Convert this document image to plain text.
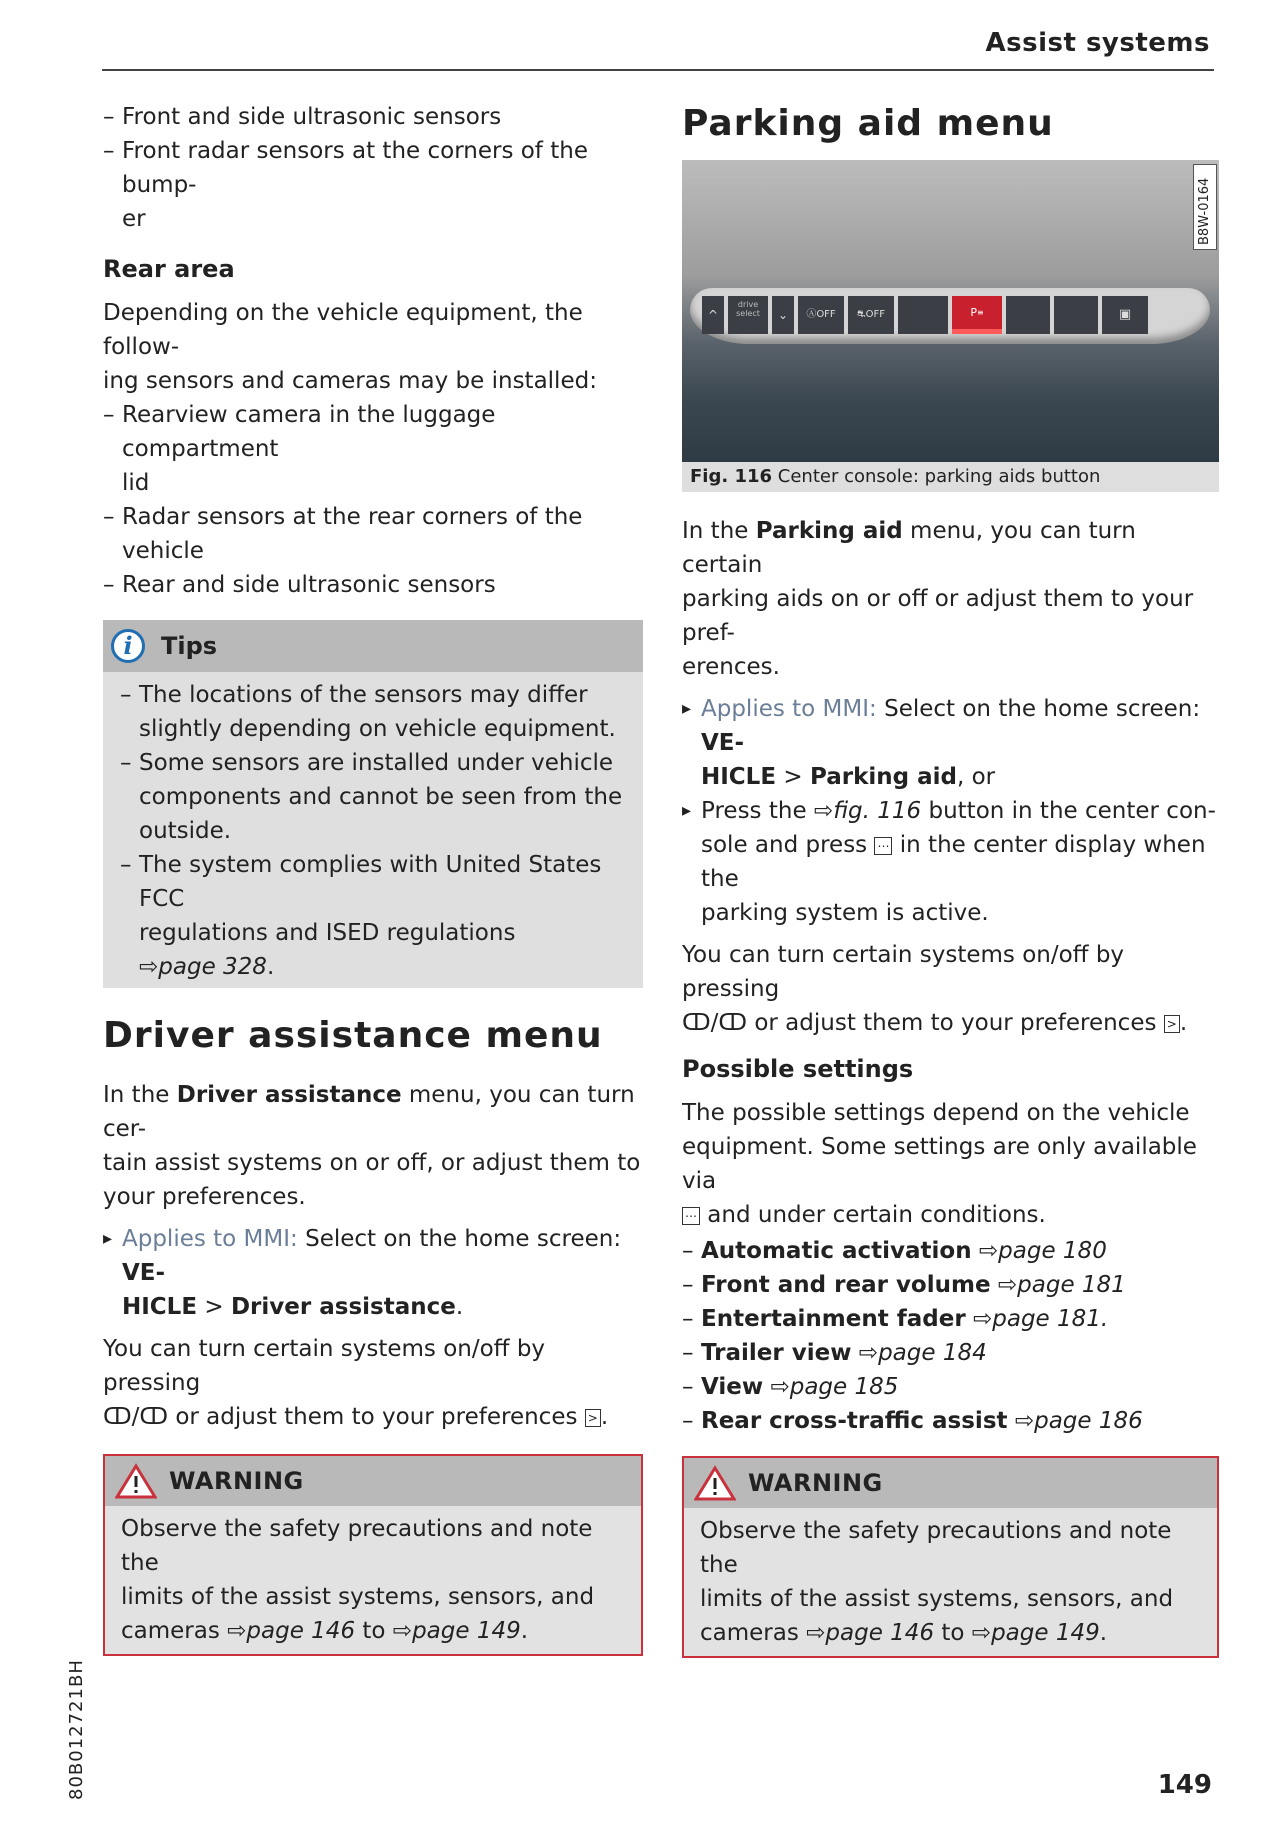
Assist systems

– Front and side ultrasonic sensors

– Front radar sensors at the corners of the bump-
er

Rear area

Depending on the vehicle equipment, the follow-
ing sensors and cameras may be installed:

– Rearview camera in the luggage compartment
lid

– Radar sensors at the rear corners of the vehicle

– Rear and side ultrasonic sensors

i	Tips

– The locations of the sensors may differ
slightly depending on vehicle equipment.

– Some sensors are installed under vehicle
components and cannot be seen from the
outside.

– The system complies with United States FCC
regulations and ISED regulations

⇨page 328.

Driver assistance menu

In the Driver assistance menu, you can turn cer-
tain assist systems on or off, or adjust them to
your preferences.

▸ Applies to MMI: Select on the home screen: VE-
HICLE > Driver assistance.

You can turn certain systems on/off by pressing
ↀ/ↀ or adjust them to your preferences > .

WARNING

Observe the safety precautions and note the
limits of the assist systems, sensors, and
cameras ⇨page 146 to ⇨page 149.

Parking aid menu

B8W-0164
^
drive
select	⌄	Ⓐ OFF ⛐ OFF	P ≡	▣
Fig. 116 Center console: parking aids button

In the Parking aid menu, you can turn certain
parking aids on or off or adjust them to your pref-
erences.

▸ Applies to MMI: Select on the home screen: VE-
HICLE > Parking aid, or

▸ Press the ⇨fig. 116 button in the center con-
sole and press ⋯ in the center display when the
parking system is active.

You can turn certain systems on/off by pressing
ↀ/ↀ or adjust them to your preferences > .

Possible settings

The possible settings depend on the vehicle
equipment. Some settings are only available via
⋯ and under certain conditions.

– Automatic activation ⇨page 180

– Front and rear volume ⇨page 181

– Entertainment fader ⇨page 181.

– Trailer view ⇨page 184

– View ⇨page 185

– Rear cross-traffic assist ⇨page 186

WARNING

Observe the safety precautions and note the
limits of the assist systems, sensors, and
cameras ⇨page 146 to ⇨page 149.

80B012721BH	149
